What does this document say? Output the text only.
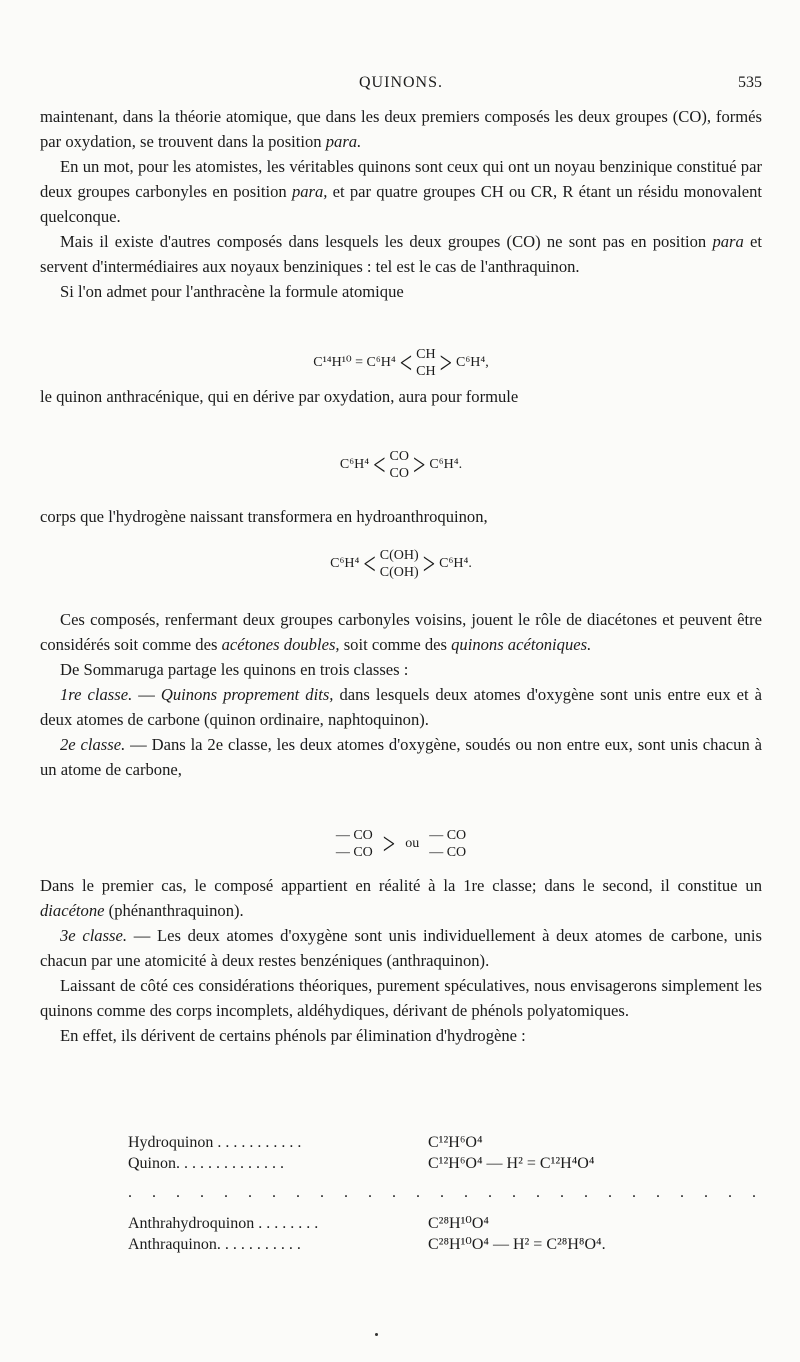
QUINONS.	535

maintenant, dans la théorie atomique, que dans les deux premiers composés les deux groupes (CO), formés par oxydation, se trouvent dans la position para.

En un mot, pour les atomistes, les véritables quinons sont ceux qui ont un noyau benzinique constitué par deux groupes carbonyles en position para, et par quatre groupes CH ou CR, R étant un résidu monovalent quelconque.

Mais il existe d'autres composés dans lesquels les deux groupes (CO) ne sont pas en position para et servent d'intermédiaires aux noyaux benziniques : tel est le cas de l'anthraquinon.

Si l'on admet pour l'anthracène la formule atomique

C¹⁴H¹⁰ = C⁶H⁴ < CH
CH > C⁶H⁴,

le quinon anthracénique, qui en dérive par oxydation, aura pour formule

C⁶H⁴ < CO
CO > C⁶H⁴.

corps que l'hydrogène naissant transformera en hydroanthroquinon,

C⁶H⁴ < C(OH)
C(OH) > C⁶H⁴.

Ces composés, renfermant deux groupes carbonyles voisins, jouent le rôle de diacétones et peuvent être considérés soit comme des acétones doubles, soit comme des quinons acétoniques.

De Sommaruga partage les quinons en trois classes :

1re classe. — Quinons proprement dits, dans lesquels deux atomes d'oxygène sont unis entre eux et à deux atomes de carbone (quinon ordinaire, naphtoquinon).

2e classe. — Dans la 2e classe, les deux atomes d'oxygène, soudés ou non entre eux, sont unis chacun à un atome de carbone,

— CO
— CO > ou
— CO
— CO

Dans le premier cas, le composé appartient en réalité à la 1re classe; dans le second, il constitue un diacétone (phénanthraquinon).

3e classe. — Les deux atomes d'oxygène sont unis individuellement à deux atomes de carbone, unis chacun par une atomicité à deux restes benzéniques (anthraquinon).

Laissant de côté ces considérations théoriques, purement spéculatives, nous envisagerons simplement les quinons comme des corps incomplets, aldéhydiques, dérivant de phénols polyatomiques.

En effet, ils dérivent de certains phénols par élimination d'hydrogène :

Hydroquinon . . . . . . . . . . .	C¹²H⁶O⁴
Quinon. . . . . . . . . . . . . .	C¹²H⁶O⁴ — H² = C¹²H⁴O⁴
. . . . . . . . . . . . . . . . . . . . . . . . . . .
Anthrahydroquinon . . . . . . . .	C²⁸H¹⁰O⁴
Anthraquinon. . . . . . . . . . .	C²⁸H¹⁰O⁴ — H² = C²⁸H⁸O⁴.
